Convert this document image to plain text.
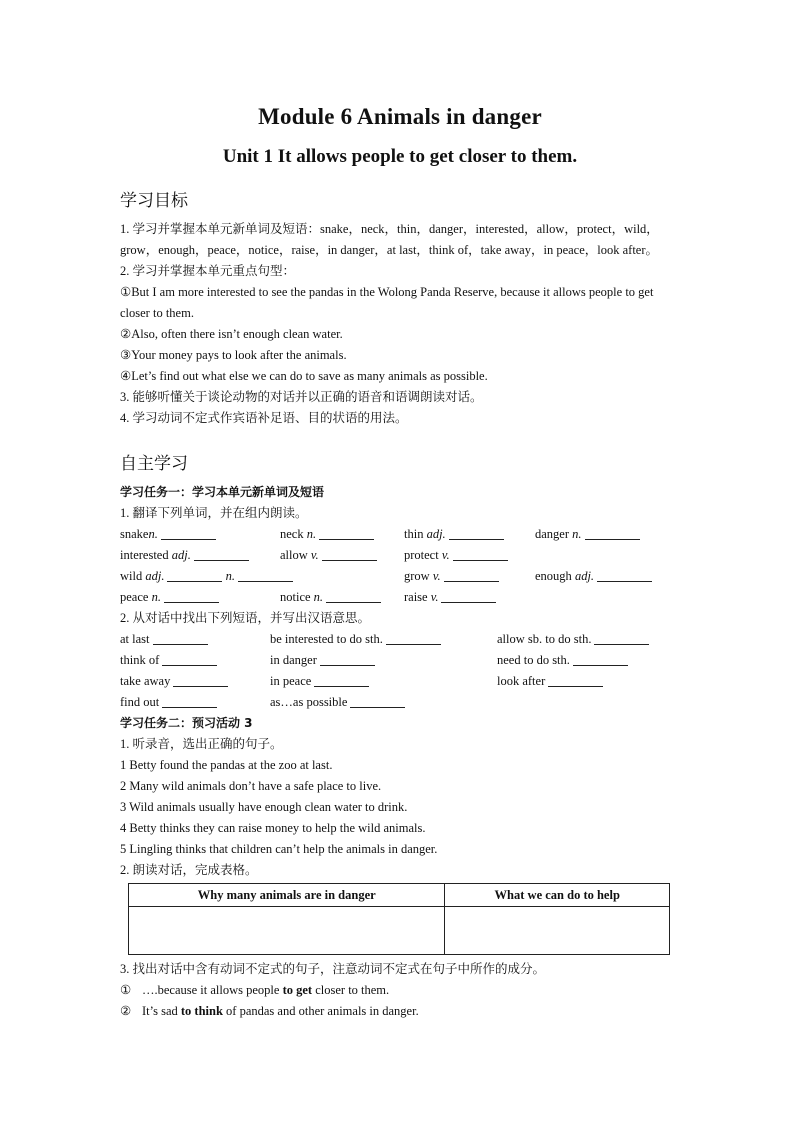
Module 6 Animals in danger
Unit 1 It allows people to get closer to them.
学习目标

1. 学习并掌握本单元新单词及短语：snake，neck，thin，danger，interested，allow，protect，wild，grow，enough，peace，notice，raise，in danger，at last，think of，take away，in peace，look after。

2. 学习并掌握本单元重点句型：

①But I am more interested to see the pandas in the Wolong Panda Reserve, because it allows people to get closer to them.

②Also, often there isn’t enough clean water.

③Your money pays to look after the animals.

④Let’s find out what else we can do to save as many animals as possible.

3. 能够听懂关于谈论动物的对话并以正确的语音和语调朗读对话。

4. 学习动词不定式作宾语补足语、目的状语的用法。

自主学习
学习任务一：学习本单元新单词及短语

1. 翻译下列单词，并在组内朗读。

snaken.	neck n.	thin adj.	danger n.
interested adj.	allow v.	protect v.
wild adj.	n.	grow v.	enough adj.
peace n.	notice n.	raise v.

2. 从对话中找出下列短语，并写出汉语意思。

at last	be interested to do sth.	allow sb. to do sth.
think of	in danger	need to do sth.
take away	in peace	look after
find out	as…as possible
学习任务二：预习活动 3

1. 听录音，选出正确的句子。

1 Betty found the pandas at the zoo at last.

2 Many wild animals don’t have a safe place to live.

3 Wild animals usually have enough clean water to drink.

4 Betty thinks they can raise money to help the wild animals.

5 Lingling thinks that children can’t help the animals in danger.

2. 朗读对话，完成表格。

Why many animals are in danger	What we can do to help

3. 找出对话中含有动词不定式的句子，注意动词不定式在句子中所作的成分。

① ….because it allows people to get closer to them.

② It’s sad to think of pandas and other animals in danger.
